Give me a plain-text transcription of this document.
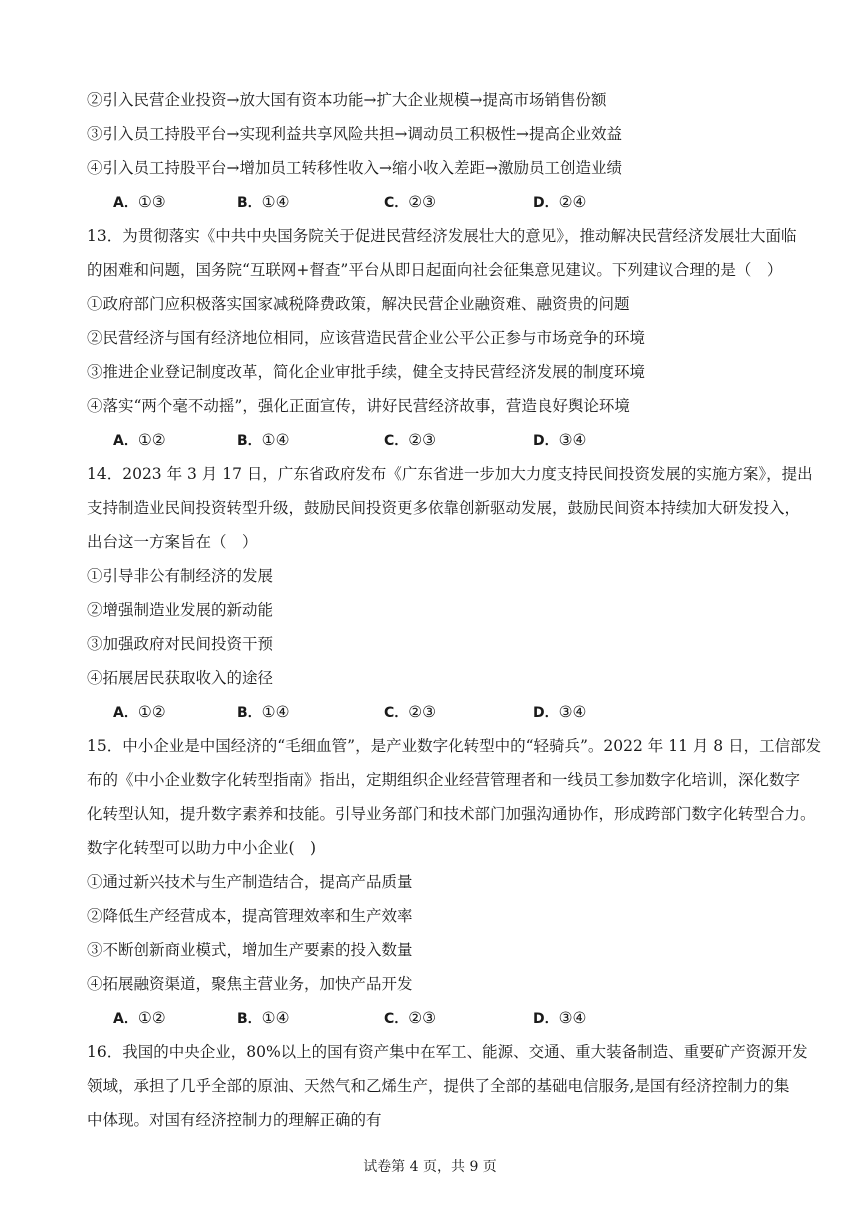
②引入民营企业投资→放大国有资本功能→扩大企业规模→提高市场销售份额
③引入员工持股平台→实现利益共享风险共担→调动员工积极性→提高企业效益
④引入员工持股平台→增加员工转移性收入→缩小收入差距→激励员工创造业绩
A．①③	B．①④	C．②③	D．②④
13．为贯彻落实《中共中央国务院关于促进民营经济发展壮大的意见》，推动解决民营经济发展壮大面临
的困难和问题，国务院“互联网+督查”平台从即日起面向社会征集意见建议。下列建议合理的是（　）
①政府部门应积极落实国家减税降费政策，解决民营企业融资难、融资贵的问题
②民营经济与国有经济地位相同，应该营造民营企业公平公正参与市场竞争的环境
③推进企业登记制度改革，简化企业审批手续，健全支持民营经济发展的制度环境
④落实“两个毫不动摇”，强化正面宣传，讲好民营经济故事，营造良好舆论环境
A．①②	B．①④	C．②③	D．③④
14．2023 年 3 月 17 日，广东省政府发布《广东省进一步加大力度支持民间投资发展的实施方案》，提出
支持制造业民间投资转型升级，鼓励民间投资更多依靠创新驱动发展，鼓励民间资本持续加大研发投入，
出台这一方案旨在（　）
①引导非公有制经济的发展
②增强制造业发展的新动能
③加强政府对民间投资干预
④拓展居民获取收入的途径
A．①②	B．①④	C．②③	D．③④
15．中小企业是中国经济的“毛细血管”，是产业数字化转型中的“轻骑兵”。2022 年 11 月 8 日，工信部发
布的《中小企业数字化转型指南》指出，定期组织企业经营管理者和一线员工参加数字化培训，深化数字
化转型认知，提升数字素养和技能。引导业务部门和技术部门加强沟通协作，形成跨部门数字化转型合力。
数字化转型可以助力中小企业(　)
①通过新兴技术与生产制造结合，提高产品质量
②降低生产经营成本，提高管理效率和生产效率
③不断创新商业模式，增加生产要素的投入数量
④拓展融资渠道，聚焦主营业务，加快产品开发
A．①②	B．①④	C．②③	D．③④
16．我国的中央企业，80%以上的国有资产集中在军工、能源、交通、重大装备制造、重要矿产资源开发
领域，承担了几乎全部的原油、天然气和乙烯生产，提供了全部的基础电信服务,是国有经济控制力的集
中体现。对国有经济控制力的理解正确的有
试卷第 4 页，共 9 页
